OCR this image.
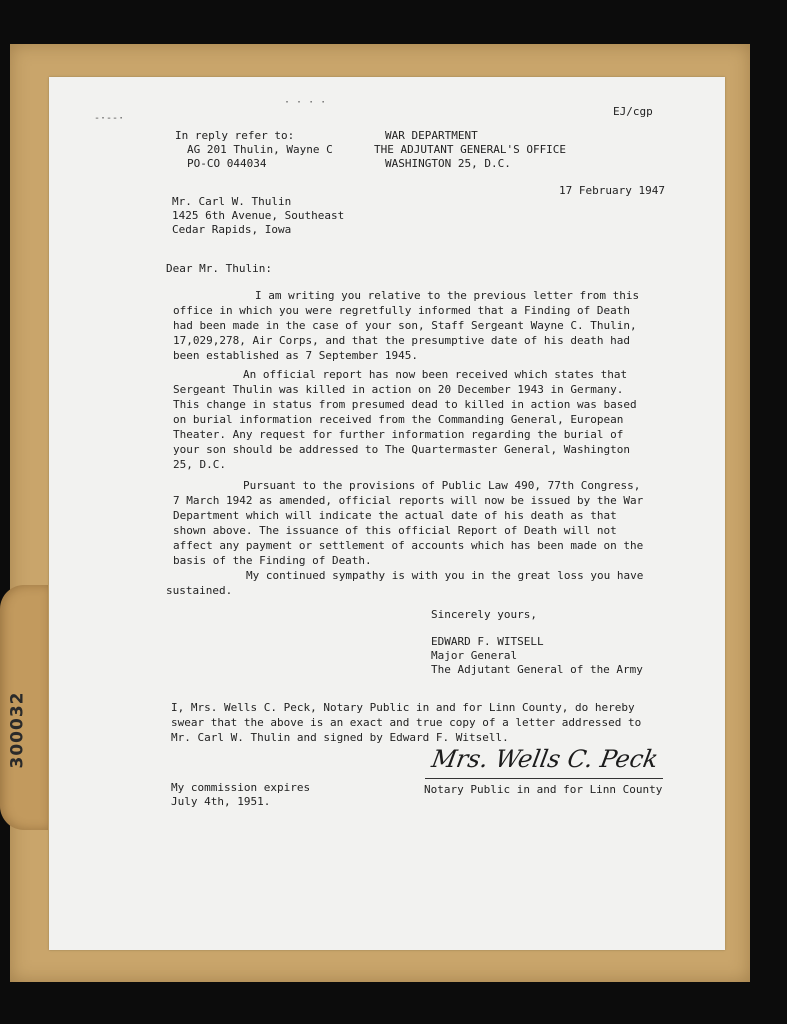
300032
· · · ·
-·--·
EJ/cgp
In reply refer to:
AG 201 Thulin, Wayne C
PO-CO 044034
WAR DEPARTMENT
THE ADJUTANT GENERAL'S OFFICE
WASHINGTON 25, D.C.
17 February 1947
Mr. Carl W. Thulin
1425 6th Avenue, Southeast
Cedar Rapids, Iowa
Dear Mr. Thulin:
I am writing you relative to the previous letter from this office in which you were regretfully informed that a Finding of Death had been made in the case of your son, Staff Sergeant Wayne C. Thulin, 17,029,278, Air Corps, and that the presumptive date of his death had been established as 7 September 1945.
An official report has now been received which states that Sergeant Thulin was killed in action on 20 December 1943 in Germany. This change in status from presumed dead to killed in action was based on burial information received from the Commanding General, European Theater. Any request for further information regarding the burial of your son should be addressed to The Quartermaster General, Washington 25, D.C.
Pursuant to the provisions of Public Law 490, 77th Congress, 7 March 1942 as amended, official reports will now be issued by the War Department which will indicate the actual date of his death as that shown above. The issuance of this official Report of Death will not affect any payment or settlement of accounts which has been made on the basis of the Finding of Death.
My continued sympathy is with you in the great loss you have sustained.
Sincerely yours,
EDWARD F. WITSELL
Major General
The Adjutant General of the Army
I, Mrs. Wells C. Peck, Notary Public in and for Linn County, do hereby swear that the above is an exact and true copy of a letter addressed to Mr. Carl W. Thulin and signed by Edward F. Witsell.
My commission expires
July 4th, 1951.
Notary Public in and for Linn County
Mrs. Wells C. Peck
